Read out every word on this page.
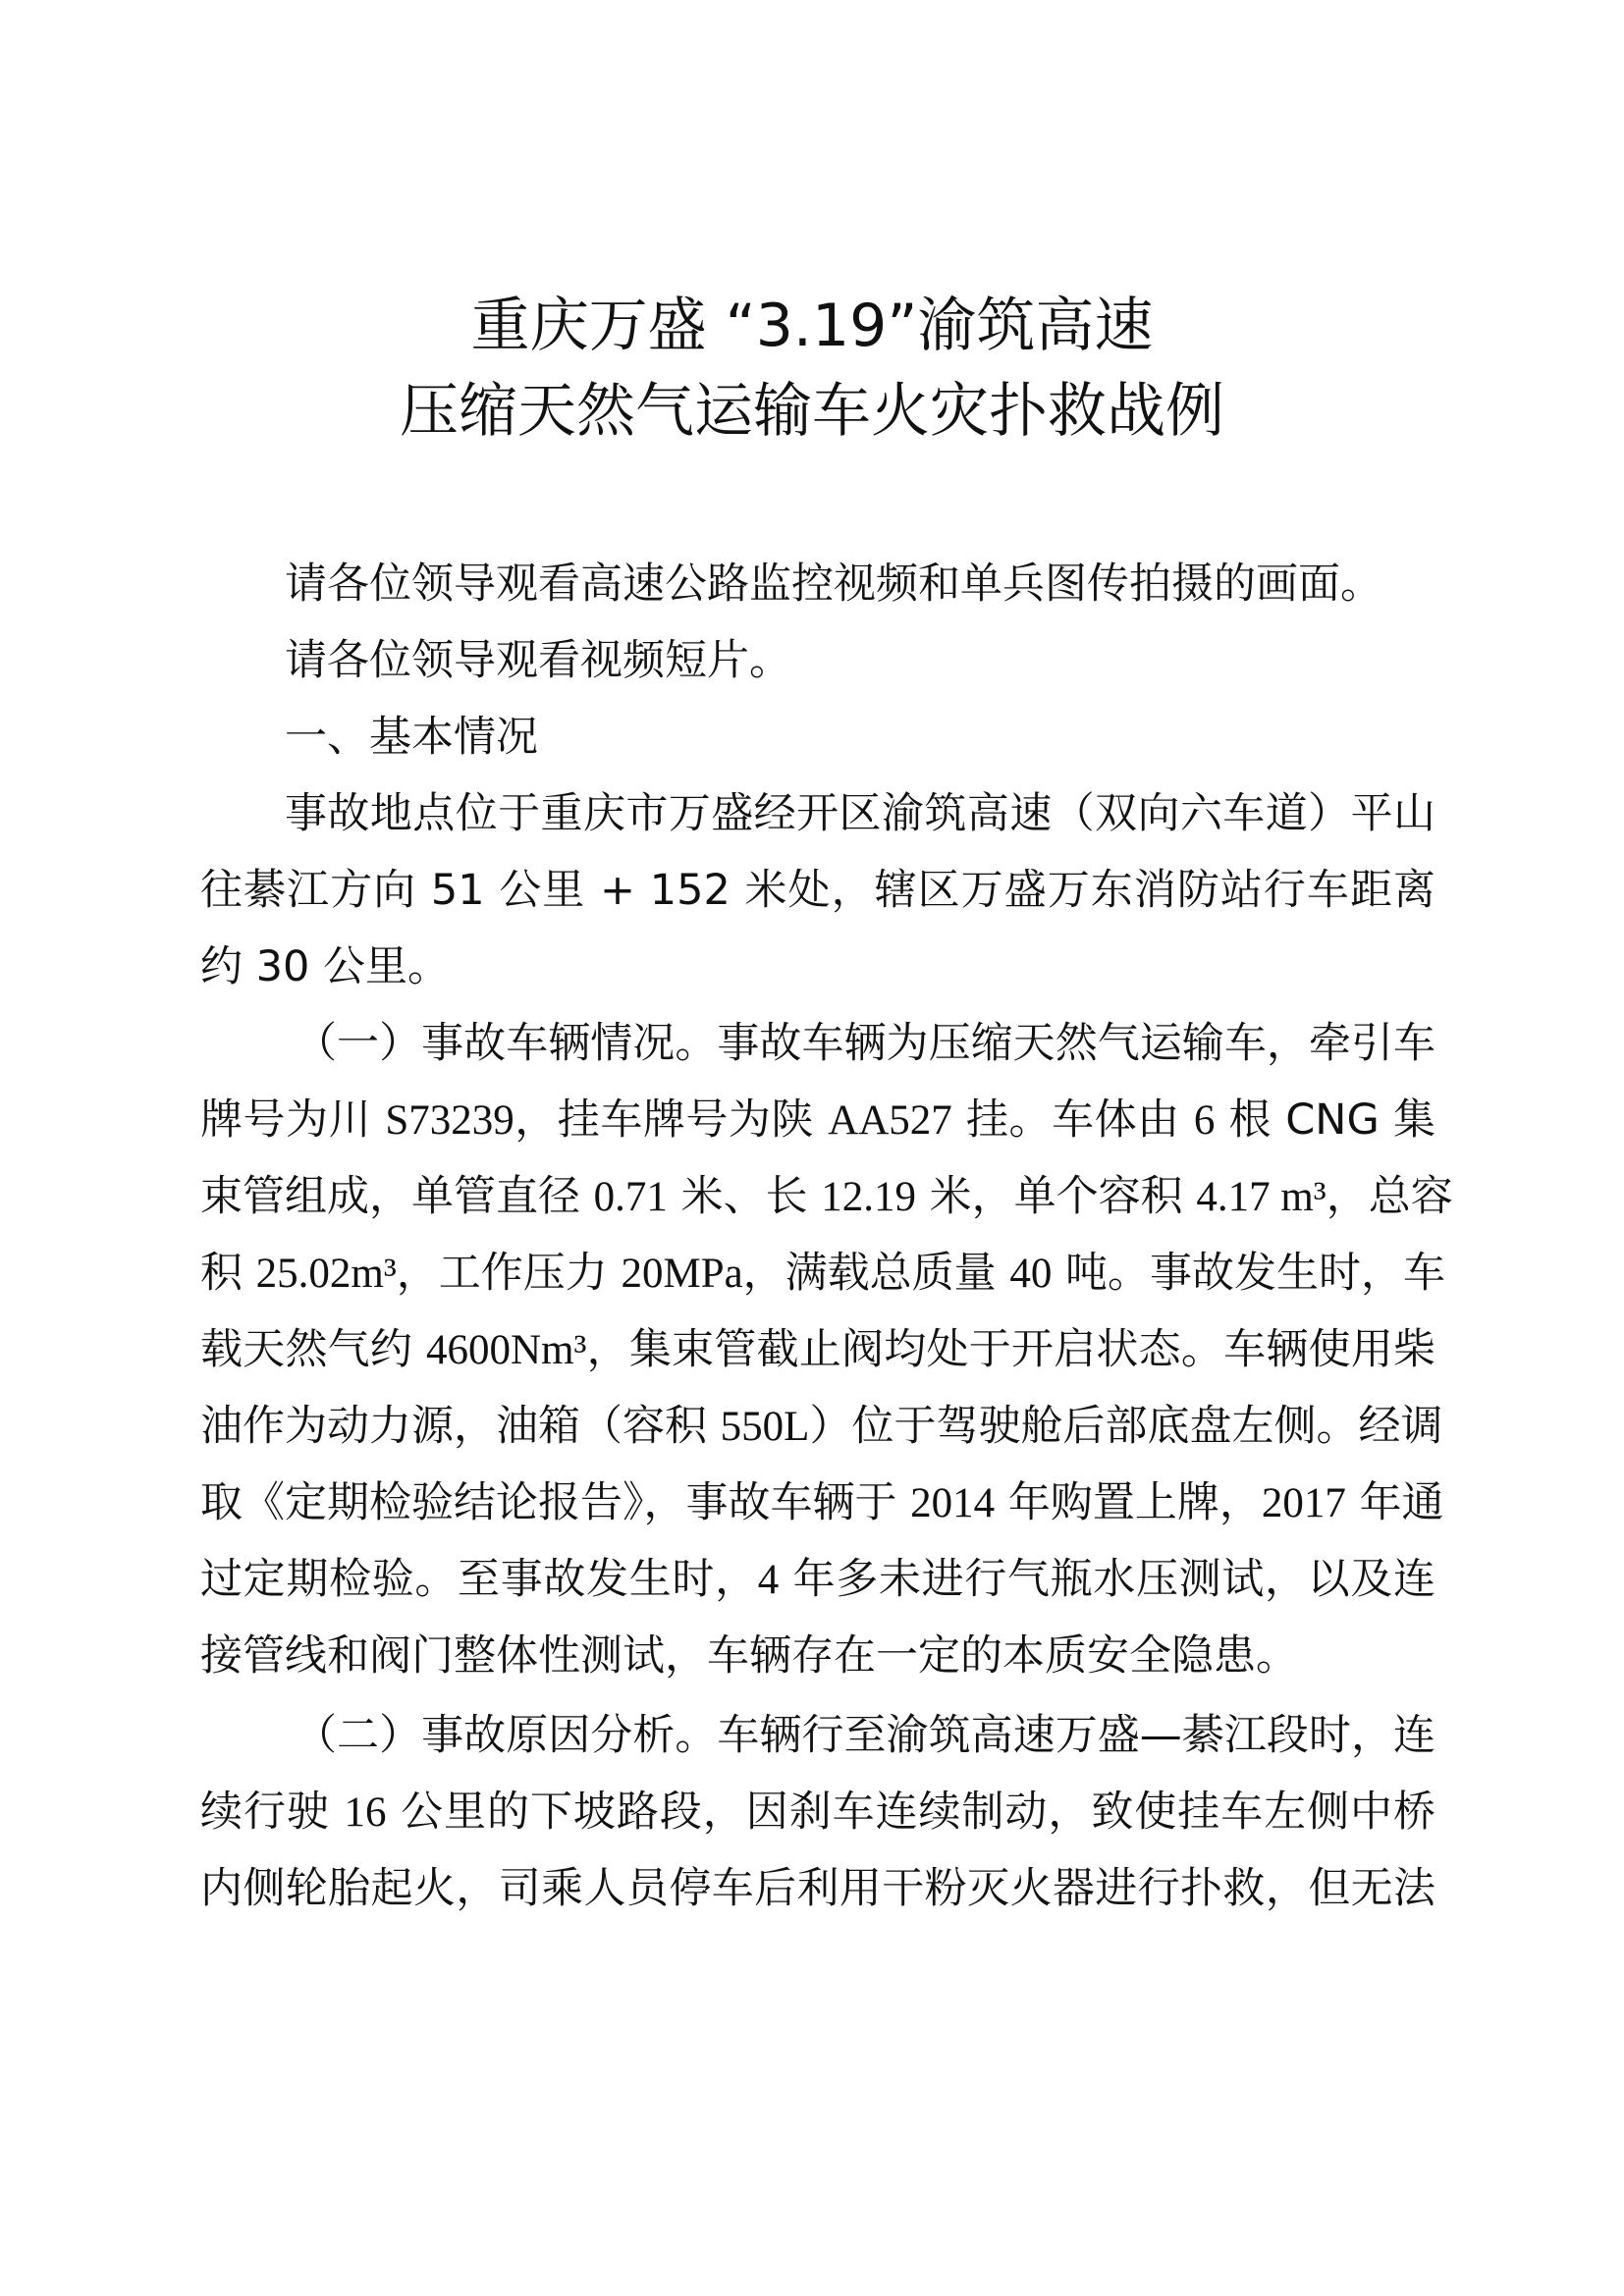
重庆万盛 “3.19”渝筑高速
压缩天然气运输车火灾扑救战例

请各位领导观看高速公路监控视频和单兵图传拍摄的画面。

请各位领导观看视频短片。

一、基本情况

事故地点位于重庆市万盛经开区渝筑高速（双向六车道）平山

往綦江方向 51 公里 + 152 米处，辖区万盛万东消防站行车距离

约 30 公里。

（一）事故车辆情况。事故车辆为压缩天然气运输车，牵引车

牌号为川 S73239，挂车牌号为陕 AA527 挂。车体由 6 根 CNG 集

束管组成，单管直径 0.71 米、长 12.19 米，单个容积 4.17 m³，总容

积 25.02m³，工作压力 20MPa，满载总质量 40 吨。事故发生时，车

载天然气约 4600Nm³，集束管截止阀均处于开启状态。车辆使用柴

油作为动力源，油箱（容积 550L）位于驾驶舱后部底盘左侧。经调

取《定期检验结论报告》，事故车辆于 2014 年购置上牌，2017 年通

过定期检验。至事故发生时，4 年多未进行气瓶水压测试，以及连

接管线和阀门整体性测试，车辆存在一定的本质安全隐患。

（二）事故原因分析。车辆行至渝筑高速万盛—綦江段时，连

续行驶 16 公里的下坡路段，因刹车连续制动，致使挂车左侧中桥

内侧轮胎起火，司乘人员停车后利用干粉灭火器进行扑救，但无法
